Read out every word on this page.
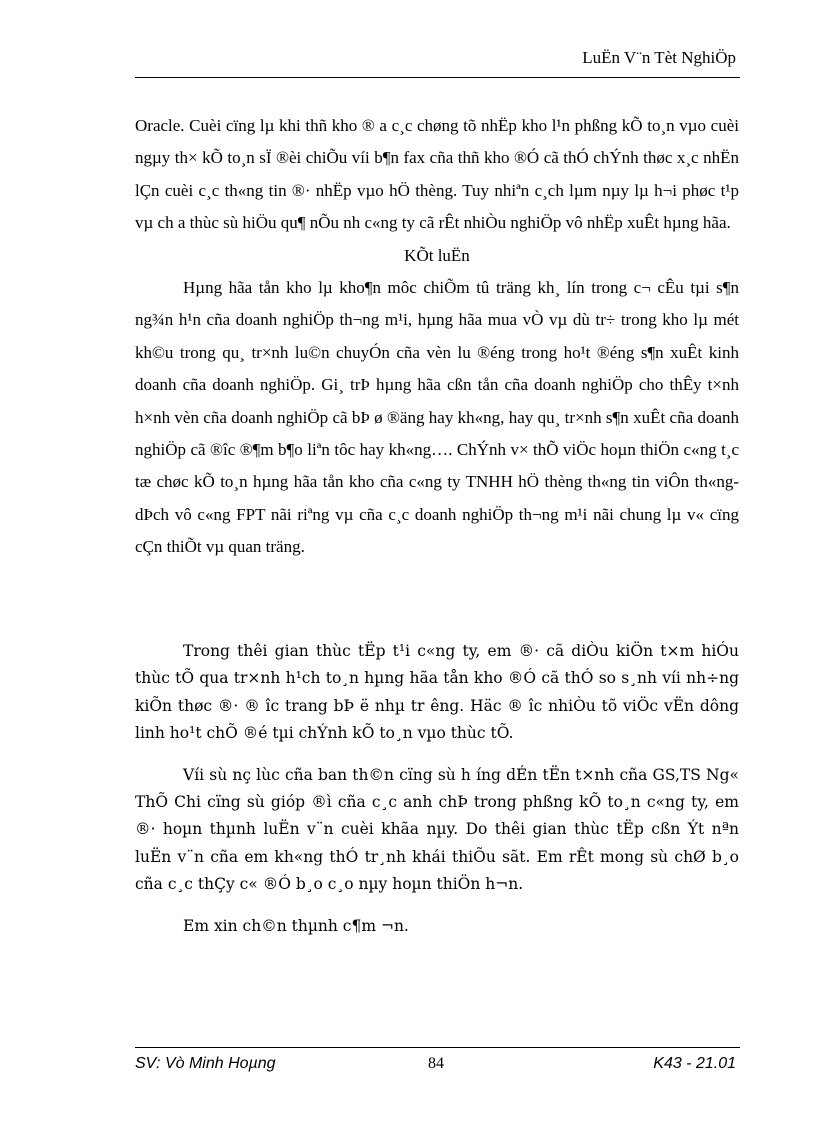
LuËn V¨n Tèt NghiÖp

Oracle. Cuèi cïng lµ khi thñ kho ® a c¸c chøng tõ nhËp kho l¹n phßng kÕ to¸n vµo cuèi ngµy th× kÕ to¸n sÏ ®èi chiÕu víi b¶n fax cña thñ kho ®Ó cã thÓ chÝnh thøc x¸c nhËn lÇn cuèi c¸c th«ng tin ®· nhËp vµo hÖ thèng. Tuy nhiªn c¸ch lµm nµy lµ h¬i phøc t¹p vµ ch a thùc sù hiÖu qu¶ nÕu nh c«ng ty cã rÊt nhiÒu nghiÖp vô nhËp xuÊt hµng hãa.

KÕt luËn

Hµng hãa tån kho lµ kho¶n môc chiÕm tû träng kh¸ lín trong c¬ cÊu tµi s¶n ng¾n h¹n cña doanh nghiÖp th¬ng m¹i, hµng hãa mua vÒ vµ dù tr÷ trong kho lµ mét kh©u trong qu¸ tr×nh lu©n chuyÓn cña vèn lu ®éng trong ho¹t ®éng s¶n xuÊt kinh doanh cña doanh nghiÖp. Gi¸ trÞ hµng hãa cßn tån cña doanh nghiÖp cho thÊy t×nh h×nh vèn cña doanh nghiÖp cã bÞ ø ®äng hay kh«ng, hay qu¸ tr×nh s¶n xuÊt cña doanh nghiÖp cã ®îc ®¶m b¶o liªn tôc hay kh«ng…. ChÝnh v× thÕ viÖc hoµn thiÖn c«ng t¸c tæ chøc kÕ to¸n hµng hãa tån kho cña c«ng ty TNHH hÖ thèng th«ng tin viÔn th«ng- dÞch vô c«ng FPT nãi riªng vµ cña c¸c doanh nghiÖp th¬ng m¹i nãi chung lµ v« cïng cÇn thiÕt vµ quan träng.

Trong thêi gian thùc tËp t¹i c«ng ty, em ®· cã diÒu kiÖn t×m hiÓu thùc tÕ qua tr×nh h¹ch to¸n hµng hãa tån kho ®Ó cã thÓ so s¸nh víi nh÷ng kiÕn thøc ®· ® îc trang bÞ ë nhµ tr êng. Häc ® îc nhiÒu tõ viÖc vËn dông linh ho¹t chÕ ®é tµi chÝnh kÕ to¸n vµo thùc tÕ.

Víi sù nç lùc cña ban th©n cïng sù h íng dÉn tËn t×nh cña GS,TS Ng« ThÕ Chi cïng sù gióp ®ì cña c¸c anh chÞ trong phßng kÕ to¸n c«ng ty, em ®· hoµn thµnh luËn v¨n cuèi khãa nµy. Do thêi gian thùc tËp cßn Ýt nªn luËn v¨n cña em kh«ng thÓ tr¸nh khái thiÕu sãt. Em rÊt mong sù chØ b¸o cña c¸c thÇy c« ®Ó b¸o c¸o nµy hoµn thiÖn h¬n.

Em xin ch©n thµnh c¶m ¬n.

SV: Vò Minh Hoµng	84	K43 - 21.01
